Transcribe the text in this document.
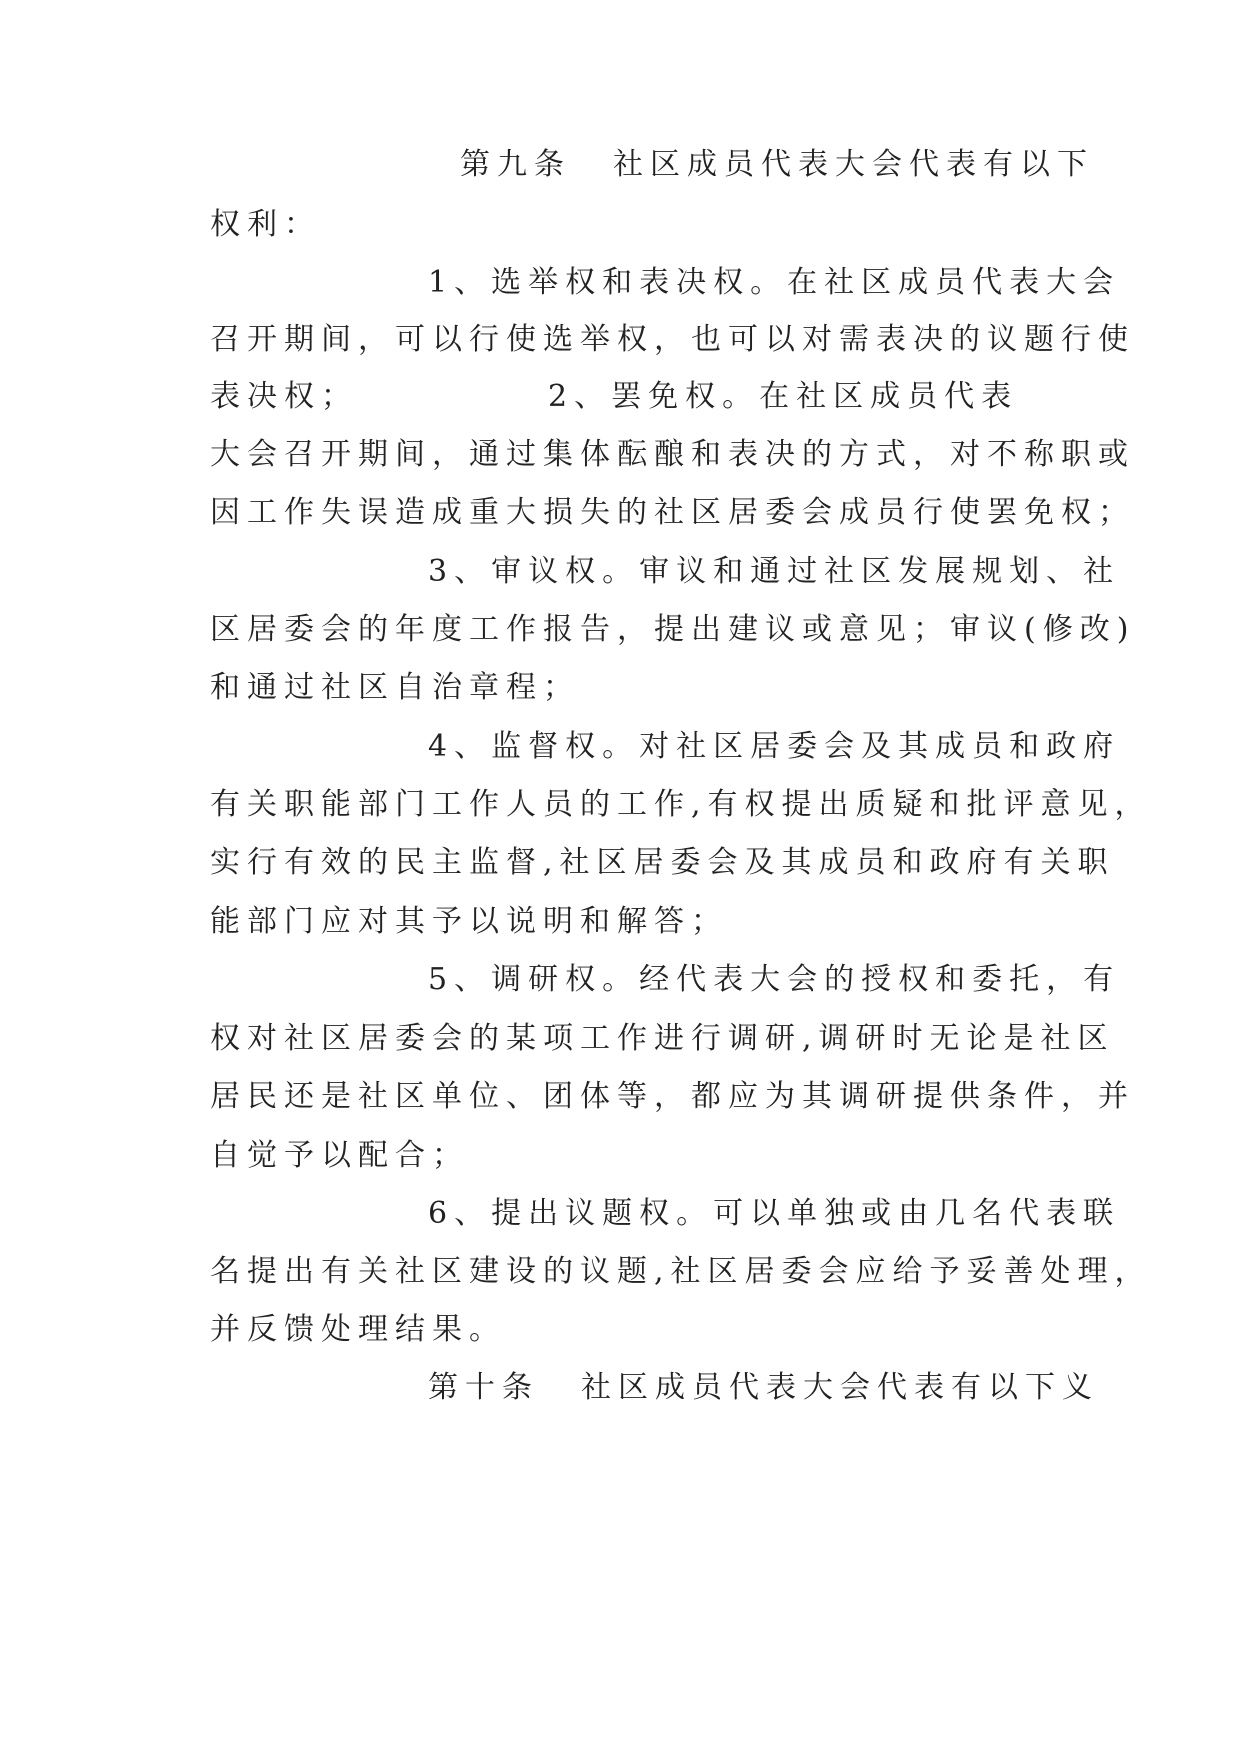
第九条 社区成员代表大会代表有以下
权利：
1、选举权和表决权。在社区成员代表大会
召开期间，可以行使选举权，也可以对需表决的议题行使
表决权；	2、罢免权。在社区成员代表
大会召开期间，通过集体酝酿和表决的方式，对不称职或
因工作失误造成重大损失的社区居委会成员行使罢免权；
3、审议权。审议和通过社区发展规划、社
区居委会的年度工作报告，提出建议或意见；审议(修改)
和通过社区自治章程；
4、监督权。对社区居委会及其成员和政府
有关职能部门工作人员的工作,有权提出质疑和批评意见，
实行有效的民主监督,社区居委会及其成员和政府有关职
能部门应对其予以说明和解答；
5、调研权。经代表大会的授权和委托，有
权对社区居委会的某项工作进行调研,调研时无论是社区
居民还是社区单位、团体等，都应为其调研提供条件，并
自觉予以配合；
6、提出议题权。可以单独或由几名代表联
名提出有关社区建设的议题,社区居委会应给予妥善处理，
并反馈处理结果。
第十条 社区成员代表大会代表有以下义
